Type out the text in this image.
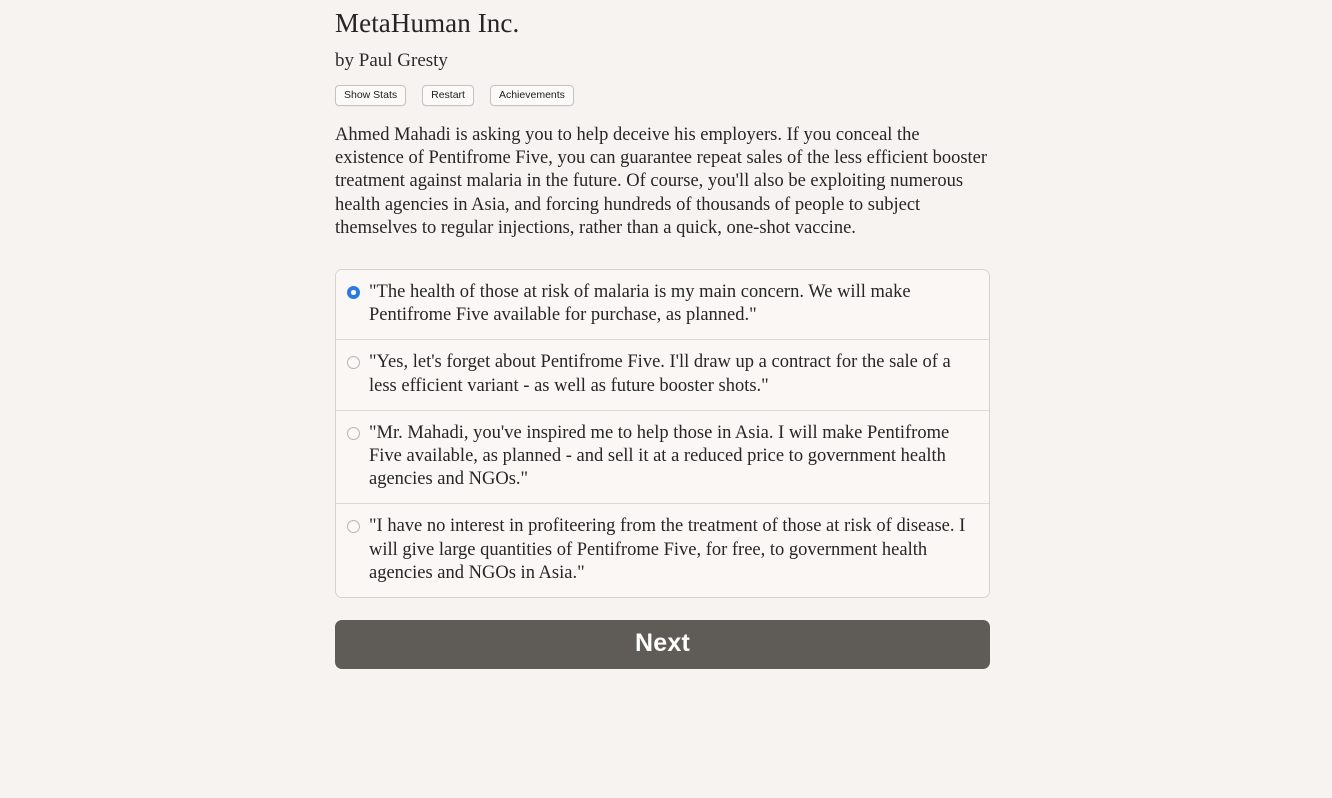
MetaHuman Inc.
by Paul Gresty
Show Stats	Restart	Achievements

Ahmed Mahadi is asking you to help deceive his employers. If you conceal the existence of Pentifrome Five, you can guarantee repeat sales of the less efficient booster treatment against malaria in the future. Of course, you'll also be exploiting numerous health agencies in Asia, and forcing hundreds of thousands of people to subject themselves to regular injections, rather than a quick, one-shot vaccine.

"The health of those at risk of malaria is my main concern. We will make Pentifrome Five available for purchase, as planned."
"Yes, let's forget about Pentifrome Five. I'll draw up a contract for the sale of a less efficient variant - as well as future booster shots."
"Mr. Mahadi, you've inspired me to help those in Asia. I will make Pentifrome Five available, as planned - and sell it at a reduced price to government health agencies and NGOs."
"I have no interest in profiteering from the treatment of those at risk of disease. I will give large quantities of Pentifrome Five, for free, to government health agencies and NGOs in Asia."
Next
